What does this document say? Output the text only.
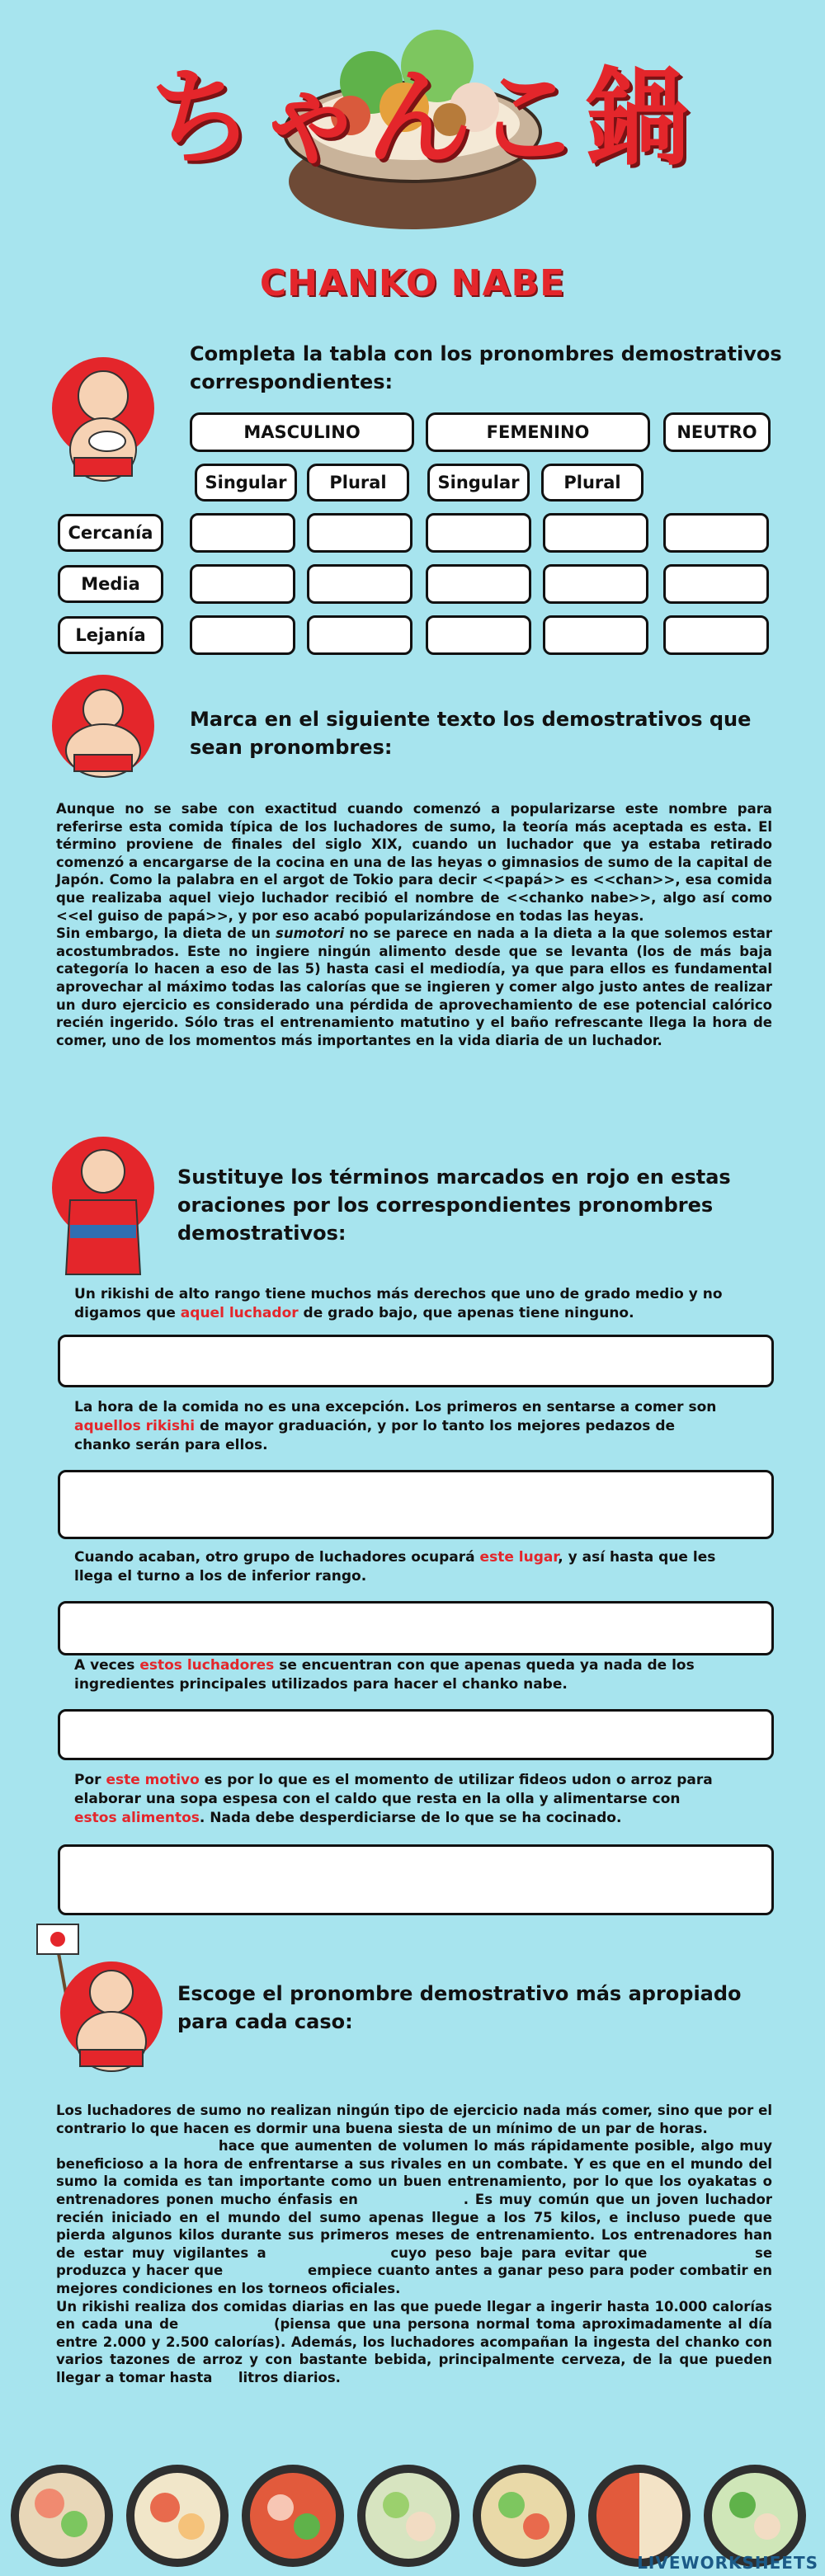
ちゃんこ鍋
CHANKO NABE
Completa la tabla con los pronombres demostrativos correspondientes:
MASCULINO	FEMENINO	NEUTRO
Singular	Plural	Singular	Plural
Cercanía
Media
Lejanía
Marca en el siguiente texto los demostrativos que sean pronombres:
Aunque no se sabe con exactitud cuando comenzó a popularizarse este nombre para referirse esta comida típica de los luchadores de sumo, la teoría más aceptada es esta. El término proviene de finales del siglo XIX, cuando un luchador que ya estaba retirado comenzó a encargarse de la cocina en una de las heyas o gimnasios de sumo de la capital de Japón. Como la palabra en el argot de Tokio para decir <<papá>> es <<chan>>, esa comida que realizaba aquel viejo luchador recibió el nombre de <<chanko nabe>>, algo así como <<el guiso de papá>>, y por eso acabó popularizándose en todas las heyas.
Sin embargo, la dieta de un sumotori no se parece en nada a la dieta a la que solemos estar acostumbrados. Este no ingiere ningún alimento desde que se levanta (los de más baja categoría lo hacen a eso de las 5) hasta casi el mediodía, ya que para ellos es fundamental aprovechar al máximo todas las calorías que se ingieren y comer algo justo antes de realizar un duro ejercicio es considerado una pérdida de aprovechamiento de ese potencial calórico recién ingerido. Sólo tras el entrenamiento matutino y el baño refrescante llega la hora de comer, uno de los momentos más importantes en la vida diaria de un luchador.
Sustituye los términos marcados en rojo en estas oraciones por los correspondientes pronombres demostrativos:
Un rikishi de alto rango tiene muchos más derechos que uno de grado medio y no digamos que aquel luchador de grado bajo, que apenas tiene ninguno.
La hora de la comida no es una excepción. Los primeros en sentarse a comer son aquellos rikishi de mayor graduación, y por lo tanto los mejores pedazos de chanko serán para ellos.
Cuando acaban, otro grupo de luchadores ocupará este lugar, y así hasta que les llega el turno a los de inferior rango.
A veces estos luchadores se encuentran con que apenas queda ya nada de los ingredientes principales utilizados para hacer el chanko nabe.
Por este motivo es por lo que es el momento de utilizar fideos udon o arroz para elaborar una sopa espesa con el caldo que resta en la olla y alimentarse con estos alimentos. Nada debe desperdiciarse de lo que se ha cocinado.
Escoge el pronombre demostrativo más apropiado para cada caso:
Los luchadores de sumo no realizan ningún tipo de ejercicio nada más comer, sino que por el contrario lo que hacen es dormir una buena siesta de un mínimo de un par de horas.
hace que aumenten de volumen lo más rápidamente posible, algo muy beneficioso a la hora de enfrentarse a sus rivales en un combate. Y es que en el mundo del sumo la comida es tan importante como un buen entrenamiento, por lo que los oyakatas o entrenadores ponen mucho énfasis en	. Es muy común que un joven luchador recién iniciado en el mundo del sumo apenas llegue a los 75 kilos, e incluso puede que pierda algunos kilos durante sus primeros meses de entrenamiento. Los entrenadores han de estar muy vigilantes a	cuyo peso baje para evitar que	se produzca y hacer que	empiece cuanto antes a ganar peso para poder combatir en mejores condiciones en los torneos oficiales.
Un rikishi realiza dos comidas diarias en las que puede llegar a ingerir hasta 10.000 calorías en cada una de	(piensa que una persona normal toma aproximadamente al día entre 2.000 y 2.500 calorías). Además, los luchadores acompañan la ingesta del chanko con varios tazones de arroz y con bastante bebida, principalmente cerveza, de la que pueden llegar a tomar hasta litros diarios.
LIVEWORKSHEETS
